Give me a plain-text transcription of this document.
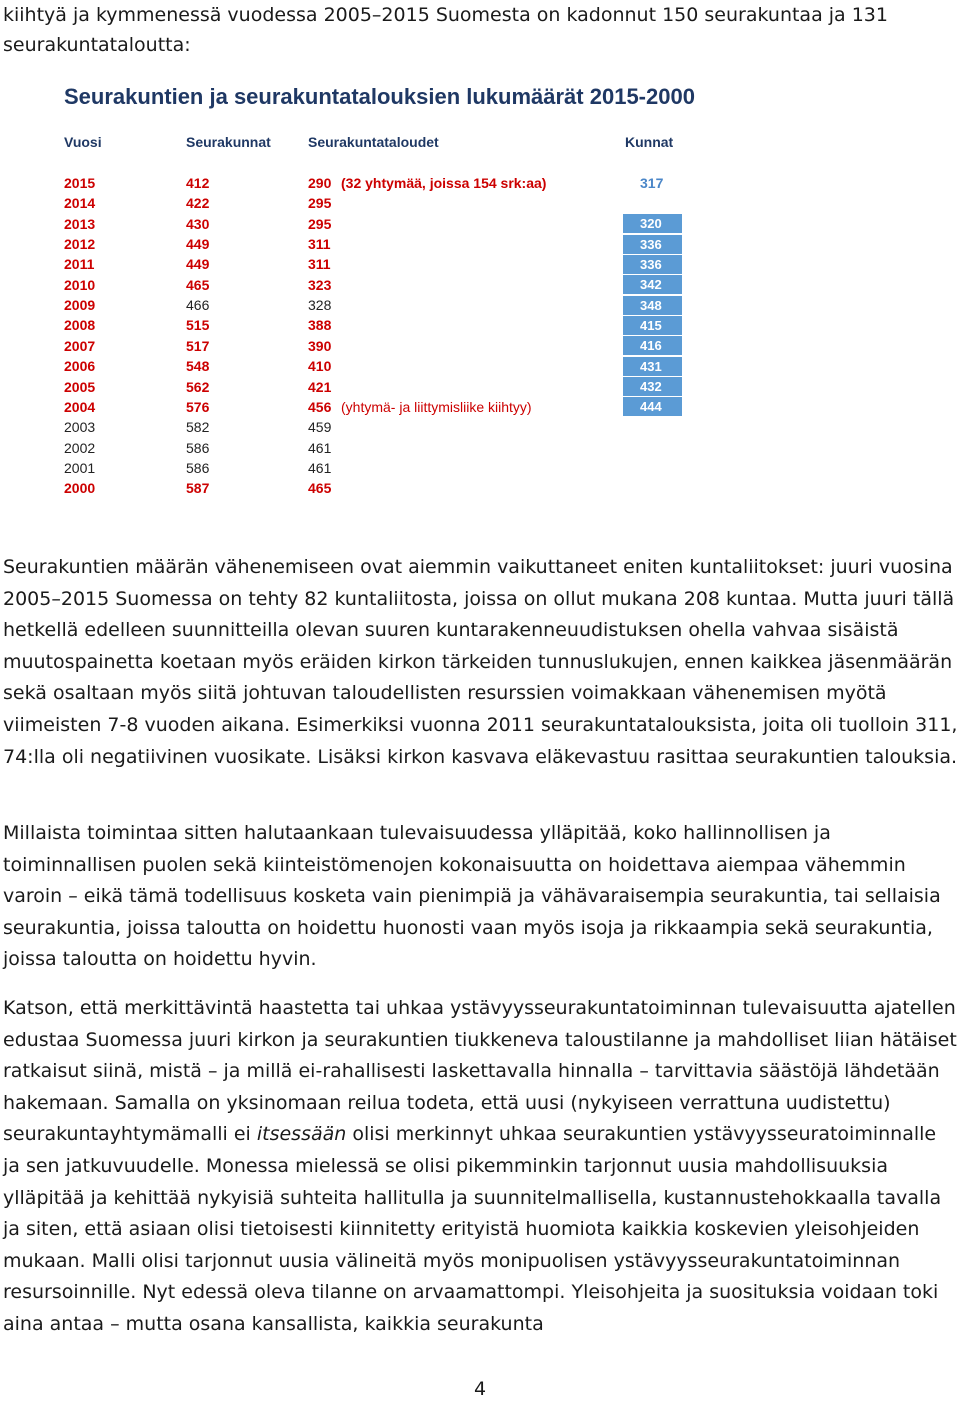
kiihtyä ja kymmenessä vuodessa 2005–2015 Suomesta on kadonnut 150 seurakuntaa ja 131 seurakuntataloutta:
Seurakuntien ja seurakuntatalouksien lukumäärät 2015-2000
Vuosi	Seurakunnat	Seurakuntataloudet	Kunnat
2015	412	290 (32 yhtymää, joissa 154 srk:aa)	317
2014	422	295
2013	430	295	320
2012	449	311	336
2011	449	311	336
2010	465	323	342
2009	466	328	348
2008	515	388	415
2007	517	390	416
2006	548	410	431
2005	562	421	432
2004	576	456 (yhtymä- ja liittymisliike kiihtyy)	444
2003	582	459
2002	586	461
2001	586	461
2000	587	465
Seurakuntien määrän vähenemiseen ovat aiemmin vaikuttaneet eniten kuntaliitokset: juuri vuosina 2005–2015 Suomessa on tehty 82 kuntaliitosta, joissa on ollut mukana 208 kuntaa. Mutta juuri tällä hetkellä edelleen suunnitteilla olevan suuren kuntarakenneuudistuksen ohella vahvaa sisäistä muutospainetta koetaan myös eräiden kirkon tärkeiden tunnuslukujen, ennen kaikkea jäsenmäärän sekä osaltaan myös siitä johtuvan taloudellisten resurssien voimakkaan vähenemisen myötä viimeisten 7-8 vuoden aikana. Esimerkiksi vuonna 2011 seurakuntatalouksista, joita oli tuolloin 311, 74:lla oli negatiivinen vuosikate. Lisäksi kirkon kasvava eläkevastuu rasittaa seurakuntien talouksia.
Millaista toimintaa sitten halutaankaan tulevaisuudessa ylläpitää, koko hallinnollisen ja toiminnallisen puolen sekä kiinteistömenojen kokonaisuutta on hoidettava aiempaa vähemmin varoin – eikä tämä todellisuus kosketa vain pienimpiä ja vähävaraisempia seurakuntia, tai sellaisia seurakuntia, joissa taloutta on hoidettu huonosti vaan myös isoja ja rikkaampia sekä seurakuntia, joissa taloutta on hoidettu hyvin.
Katson, että merkittävintä haastetta tai uhkaa ystävyysseurakuntatoiminnan tulevaisuutta ajatellen edustaa Suomessa juuri kirkon ja seurakuntien tiukkeneva taloustilanne ja mahdolliset liian hätäiset ratkaisut siinä, mistä – ja millä ei-rahallisesti laskettavalla hinnalla – tarvittavia säästöjä lähdetään hakemaan. Samalla on yksinomaan reilua todeta, että uusi (nykyiseen verrattuna uudistettu) seurakuntayhtymämalli ei itsessään olisi merkinnyt uhkaa seurakuntien ystävyysseuratoiminnalle ja sen jatkuvuudelle. Monessa mielessä se olisi pikemminkin tarjonnut uusia mahdollisuuksia ylläpitää ja kehittää nykyisiä suhteita hallitulla ja suunnitelmallisella, kustannustehokkaalla tavalla ja siten, että asiaan olisi tietoisesti kiinnitetty erityistä huomiota kaikkia koskevien yleisohjeiden mukaan. Malli olisi tarjonnut uusia välineitä myös monipuolisen ystävyysseurakuntatoiminnan resursoinnille. Nyt edessä oleva tilanne on arvaamattompi. Yleisohjeita ja suosituksia voidaan toki aina antaa – mutta osana kansallista, kaikkia seurakunta
4
